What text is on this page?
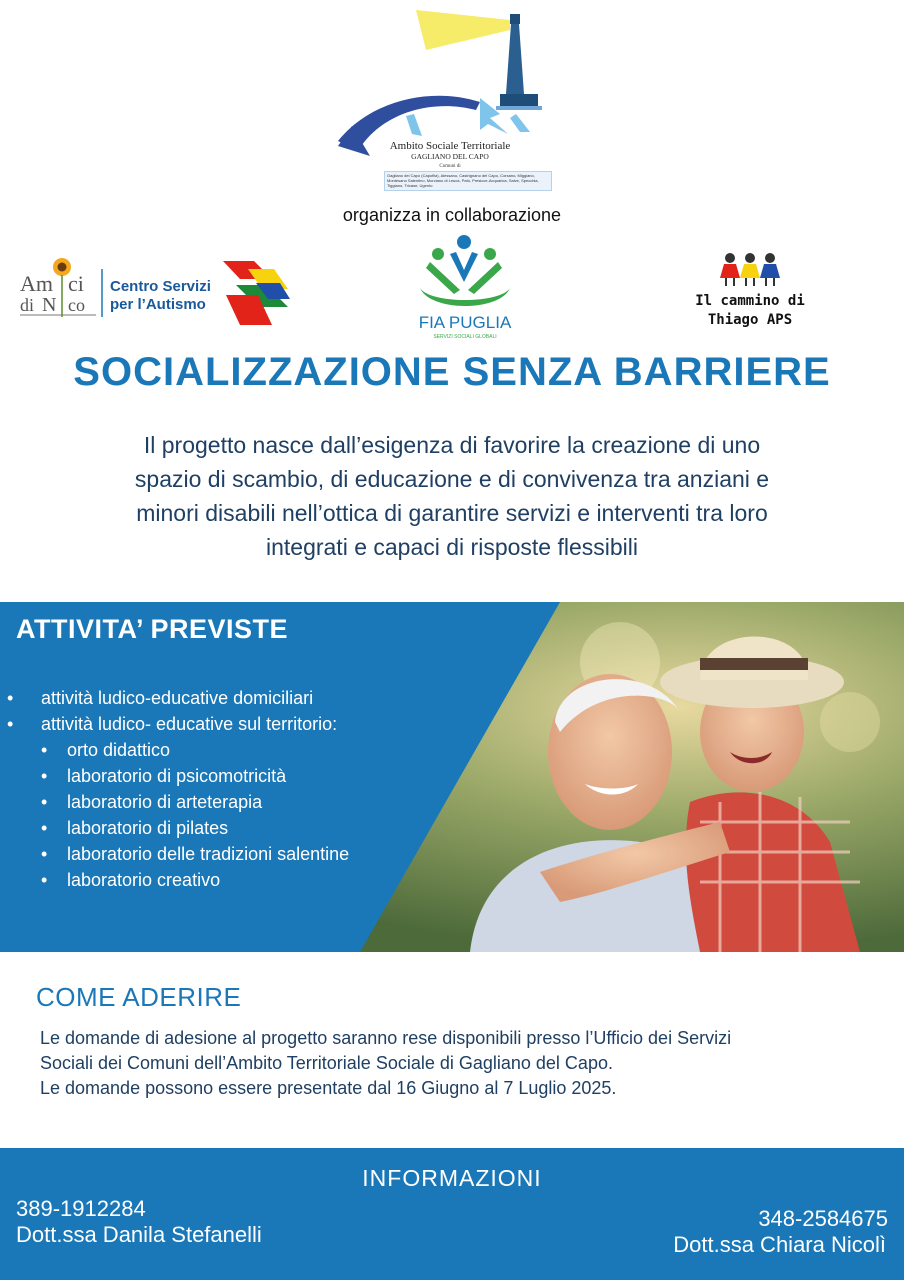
Ambito Sociale Territoriale
GAGLIANO DEL CAPO
Comuni di
Gagliano del Capo (Capofila), Alessano, Castrignano del Capo, Corsano, Miggiano, Montesano Salentino, Morciano di Leuca, Patù, Presicce-Acquarica, Salve, Specchia, Tiggiano, Tricase, Ugento
organizza in collaborazione
Am ci
di N co
Centro Servizi
per l’Autismo
FIA PUGLIA
SERVIZI SOCIALI GLOBALI
Il cammino di
Thiago APS
SOCIALIZZAZIONE SENZA BARRIERE
Il progetto nasce dall’esigenza di favorire la creazione di uno
spazio di scambio, di educazione e di convivenza tra anziani e
minori disabili nell’ottica di garantire servizi e interventi tra loro
integrati e capaci di risposte flessibili
ATTIVITA’ PREVISTE
• attività ludico-educative domiciliari
• attività ludico- educative sul territorio:
• orto didattico
• laboratorio di psicomotricità
• laboratorio di arteterapia
• laboratorio di pilates
• laboratorio delle tradizioni salentine
• laboratorio creativo
COME ADERIRE
Le domande di adesione al progetto saranno rese disponibili presso l’Ufficio dei Servizi
Sociali dei Comuni dell’Ambito Territoriale Sociale di Gagliano del Capo.
Le domande possono essere presentate dal 16 Giugno al 7 Luglio 2025.
INFORMAZIONI
389-1912284
Dott.ssa Danila Stefanelli
348-2584675
Dott.ssa Chiara Nicolì
